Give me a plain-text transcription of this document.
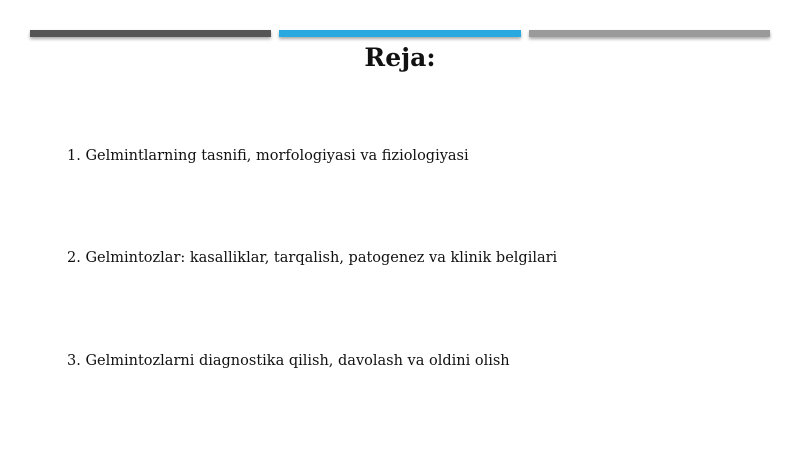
Reja:
1. Gelmintlarning tasnifi, morfologiyasi va fiziologiyasi
2. Gelmintozlar: kasalliklar, tarqalish, patogenez va klinik belgilari
3. Gelmintozlarni diagnostika qilish, davolash va oldini olish
